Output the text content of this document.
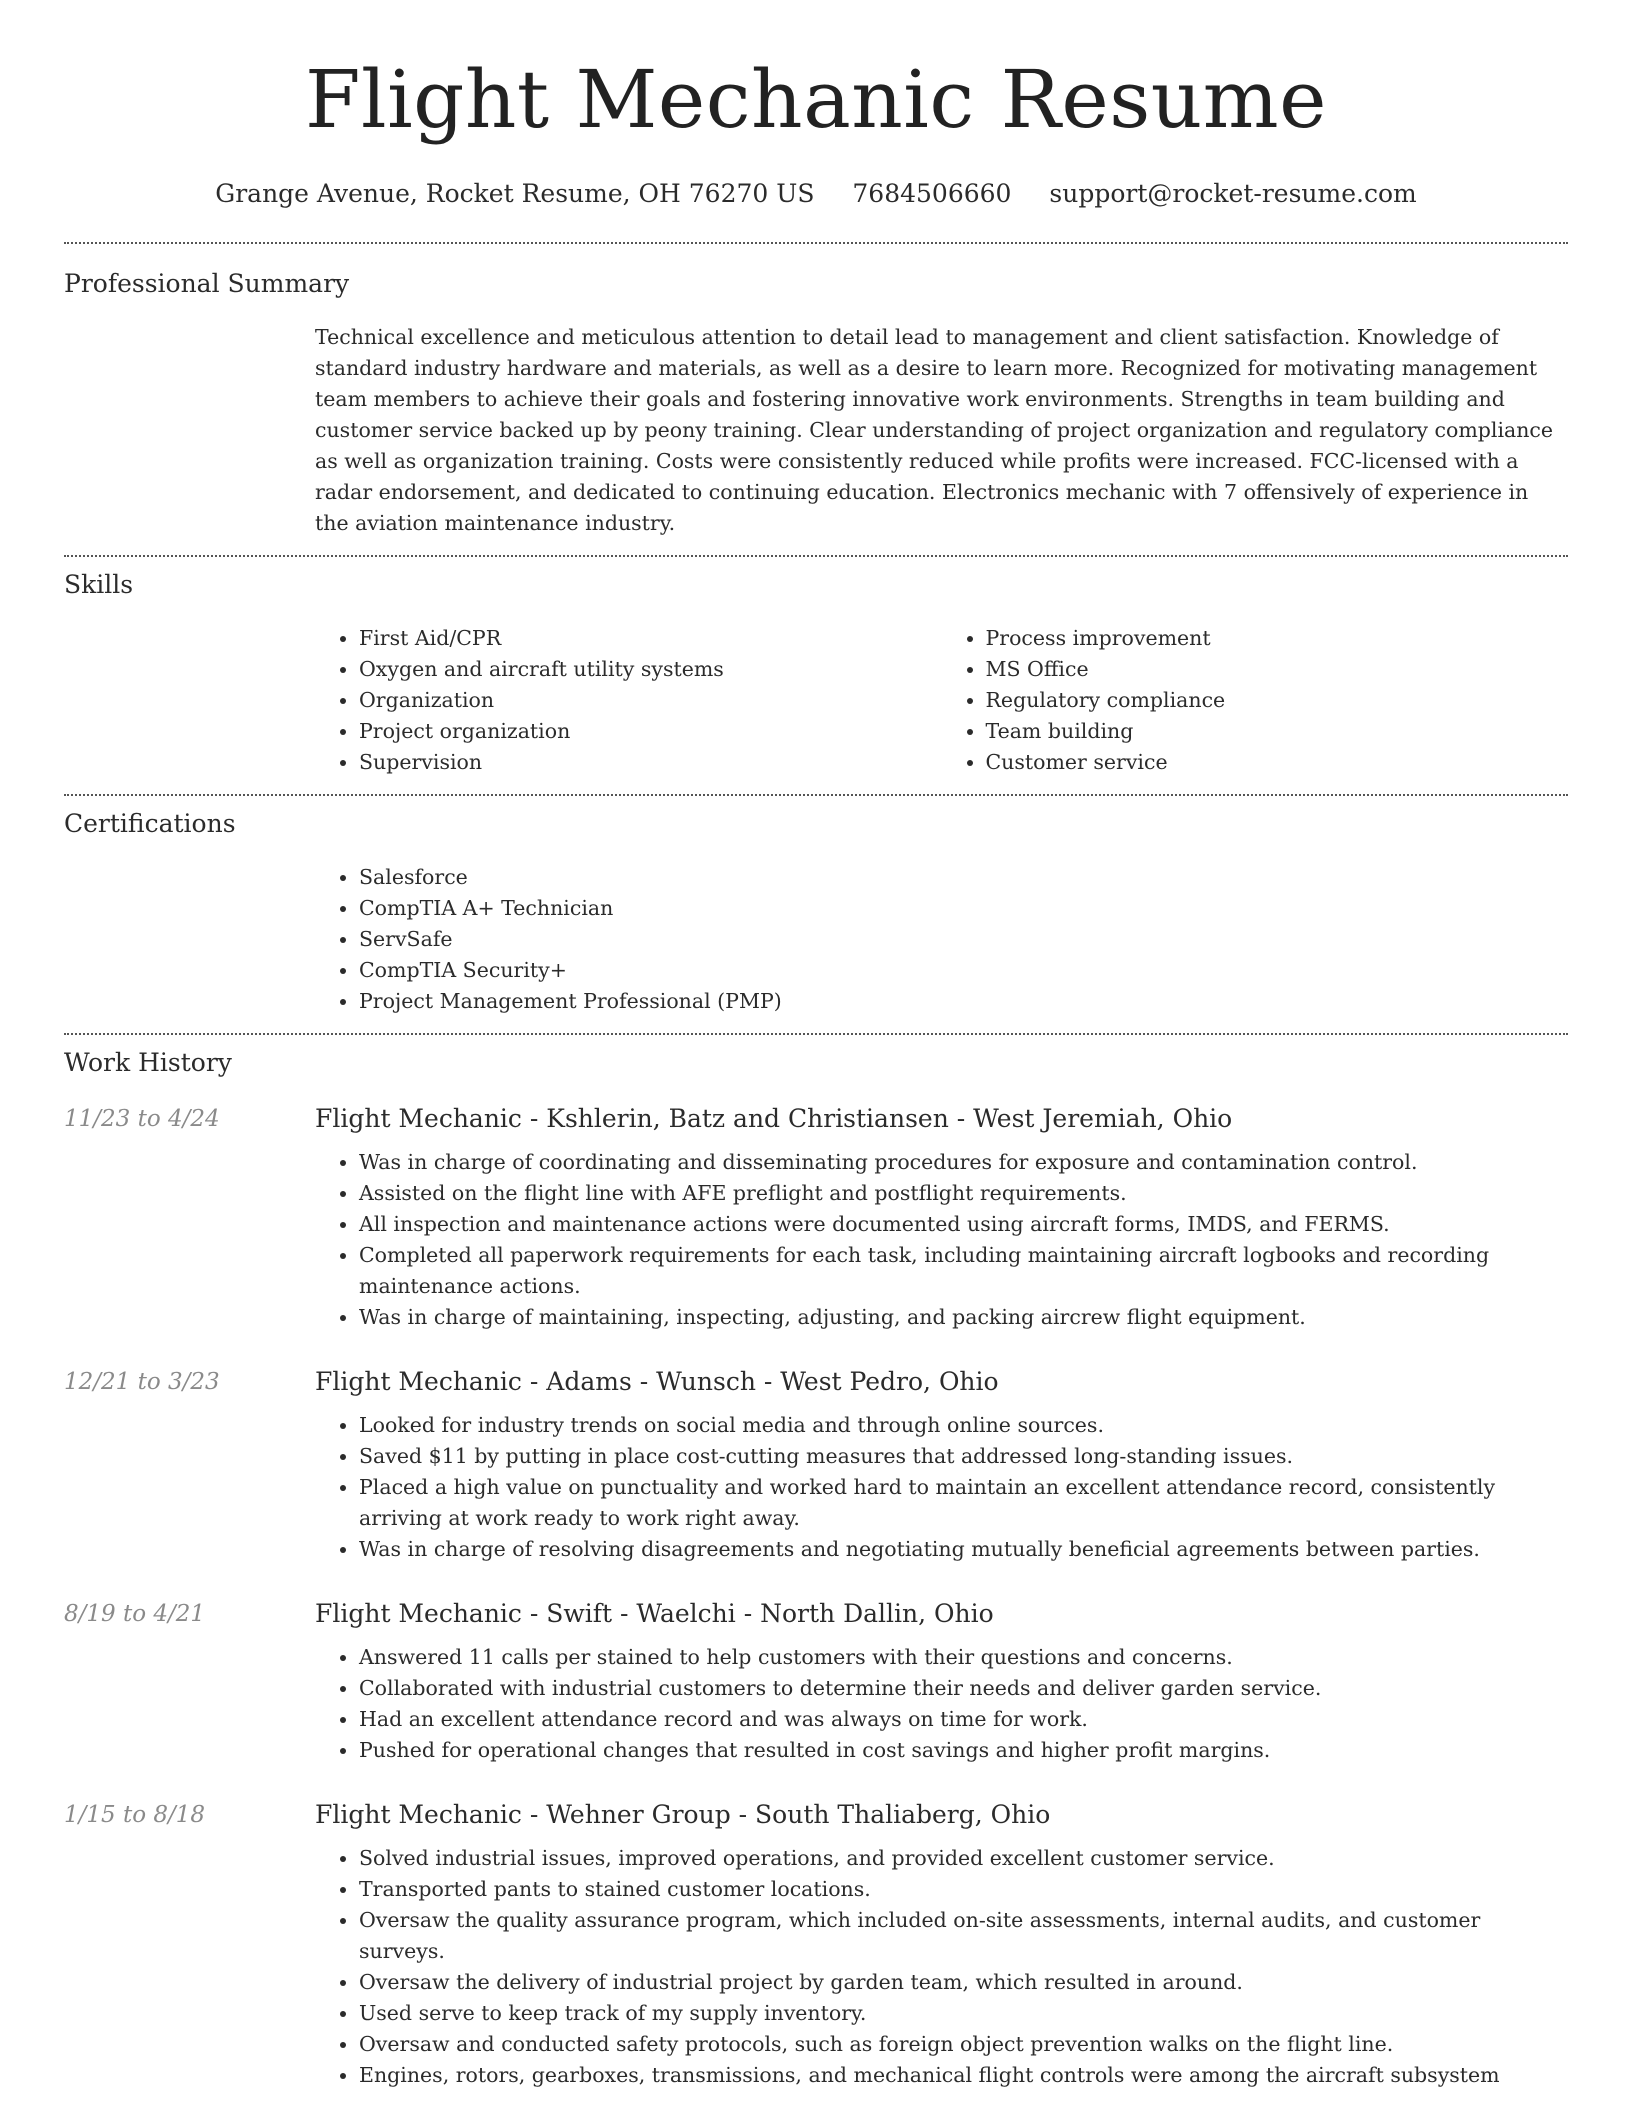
Flight Mechanic Resume
Grange Avenue, Rocket Resume, OH 76270 US 7684506660 support@rocket-resume.com
Professional Summary

Technical excellence and meticulous attention to detail lead to management and client satisfaction. Knowledge of standard industry hardware and materials, as well as a desire to learn more. Recognized for motivating management team members to achieve their goals and fostering innovative work environments. Strengths in team building and customer service backed up by peony training. Clear understanding of project organization and regulatory compliance as well as organization training. Costs were consistently reduced while profits were increased. FCC-licensed with a radar endorsement, and dedicated to continuing education. Electronics mechanic with 7 offensively of experience in the aviation maintenance industry.

Skills
• First Aid/CPR
• Oxygen and aircraft utility systems
• Organization
• Project organization
• Supervision
• Process improvement
• MS Office
• Regulatory compliance
• Team building
• Customer service
Certifications
• Salesforce
• CompTIA A+ Technician
• ServSafe
• CompTIA Security+
• Project Management Professional (PMP)
Work History
11/23 to 4/24	Flight Mechanic - Kshlerin, Batz and Christiansen - West Jeremiah, Ohio
• Was in charge of coordinating and disseminating procedures for exposure and contamination control.
• Assisted on the flight line with AFE preflight and postflight requirements.
• All inspection and maintenance actions were documented using aircraft forms, IMDS, and FERMS.
• Completed all paperwork requirements for each task, including maintaining aircraft logbooks and recording maintenance actions.
• Was in charge of maintaining, inspecting, adjusting, and packing aircrew flight equipment.
12/21 to 3/23	Flight Mechanic - Adams - Wunsch - West Pedro, Ohio
• Looked for industry trends on social media and through online sources.
• Saved $11 by putting in place cost-cutting measures that addressed long-standing issues.
• Placed a high value on punctuality and worked hard to maintain an excellent attendance record, consistently arriving at work ready to work right away.
• Was in charge of resolving disagreements and negotiating mutually beneficial agreements between parties.
8/19 to 4/21	Flight Mechanic - Swift - Waelchi - North Dallin, Ohio
• Answered 11 calls per stained to help customers with their questions and concerns.
• Collaborated with industrial customers to determine their needs and deliver garden service.
• Had an excellent attendance record and was always on time for work.
• Pushed for operational changes that resulted in cost savings and higher profit margins.
1/15 to 8/18	Flight Mechanic - Wehner Group - South Thaliaberg, Ohio
• Solved industrial issues, improved operations, and provided excellent customer service.
• Transported pants to stained customer locations.
• Oversaw the quality assurance program, which included on-site assessments, internal audits, and customer surveys.
• Oversaw the delivery of industrial project by garden team, which resulted in around.
• Used serve to keep track of my supply inventory.
• Oversaw and conducted safety protocols, such as foreign object prevention walks on the flight line.
• Engines, rotors, gearboxes, transmissions, and mechanical flight controls were among the aircraft subsystem
